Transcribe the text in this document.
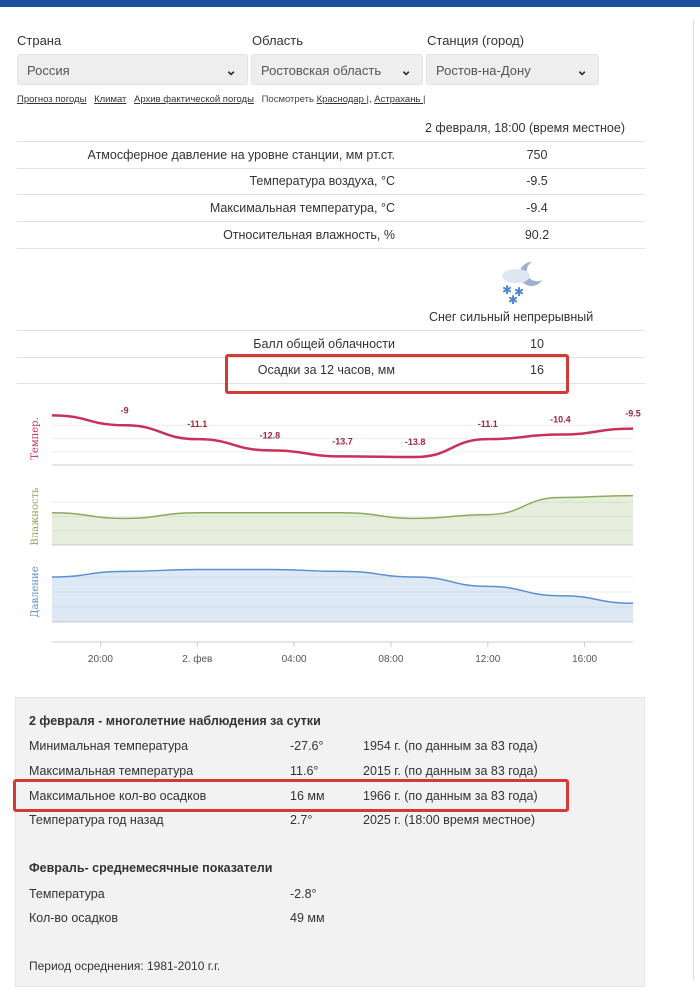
Страна	Область	Станция (город)
Россия	⌄	Ростовская область ⌄	Ростов-на-Дону	⌄
Прогноз погоды Климат Архив фактической погоды Посмотреть Краснодар |, Астрахань |
2 февраля, 18:00 (время местное)
Атмосферное давление на уровне станции, мм рт.ст.	750
Температура воздуха, °C	-9.5
Максимальная температура, °C	-9.4
Относительная влажность, %	90.2
✱ ✱
✱
Снег сильный непрерывный
Балл общей облачности	10
Осадки за 12 часов, мм	16
Темпер.
-9
-11.1
-12.8
-13.7	-13.8
-11.1	-10.4
-9.5
Влажность
Давление
20:00	2. фев	04:00	08:00	12:00	16:00
2 февраля - многолетние наблюдения за сутки
Минимальная температура	-27.6°	1954 г. (по данным за 83 года)
Максимальная температура	11.6°	2015 г. (по данным за 83 года)
Максимальное кол-во осадков	16 мм	1966 г. (по данным за 83 года)
Температура год назад	2.7°	2025 г. (18:00 время местное)
Февраль- среднемесячные показатели
Температура	-2.8°
Кол-во осадков	49 мм
Период осреднения: 1981-2010 г.г.
